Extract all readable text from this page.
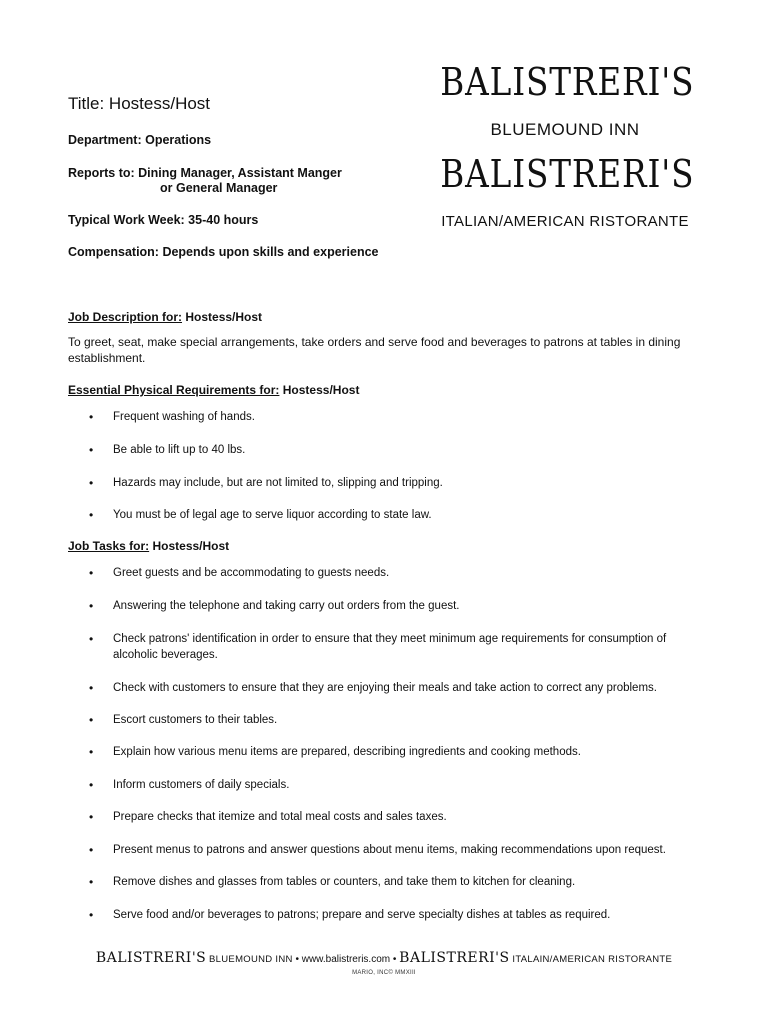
Title: Hostess/Host
Department: Operations
Reports to: Dining Manager, Assistant Manger
or General Manager
Typical Work Week: 35-40 hours
Compensation: Depends upon skills and experience
BALISTRERI'S
BLUEMOUND INN
BALISTRERI'S
ITALIAN/AMERICAN RISTORANTE
Job Description for: Hostess/Host
To greet, seat, make special arrangements, take orders and serve food and beverages to patrons at tables in dining establishment.
Essential Physical Requirements for: Hostess/Host
• Frequent washing of hands.
• Be able to lift up to 40 lbs.
• Hazards may include, but are not limited to, slipping and tripping.
• You must be of legal age to serve liquor according to state law.
Job Tasks for: Hostess/Host
• Greet guests and be accommodating to guests needs.
• Answering the telephone and taking carry out orders from the guest.
• Check patrons' identification in order to ensure that they meet minimum age requirements for consumption of alcoholic beverages.
• Check with customers to ensure that they are enjoying their meals and take action to correct any problems.
• Escort customers to their tables.
• Explain how various menu items are prepared, describing ingredients and cooking methods.
• Inform customers of daily specials.
• Prepare checks that itemize and total meal costs and sales taxes.
• Present menus to patrons and answer questions about menu items, making recommendations upon request.
• Remove dishes and glasses from tables or counters, and take them to kitchen for cleaning.
• Serve food and/or beverages to patrons; prepare and serve specialty dishes at tables as required.
BALISTRERI'S BLUEMOUND INN • www.balistreris.com • BALISTRERI'S ITALAIN/AMERICAN RISTORANTE
MARIO, INC© MMXIII
